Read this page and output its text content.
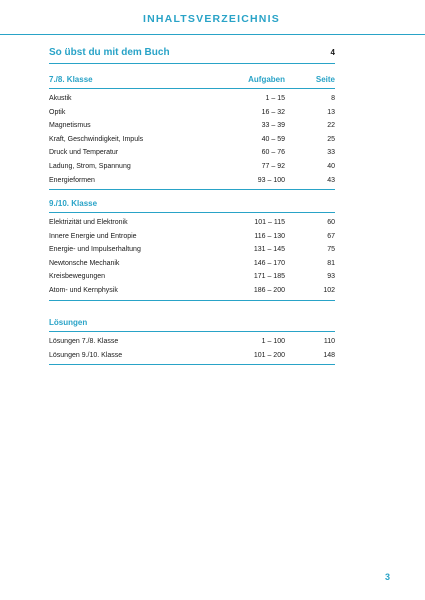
INHALTSVERZEICHNIS
So übst du mit dem Buch	4
7./8. Klasse	Aufgaben	Seite
Akustik	1 – 15	8
Optik	16 – 32	13
Magnetismus	33 – 39	22
Kraft, Geschwindigkeit, Impuls	40 – 59	25
Druck und Temperatur	60 – 76	33
Ladung, Strom, Spannung	77 – 92	40
Energieformen	93 – 100	43
9./10. Klasse
Elektrizität und Elektronik	101 – 115	60
Innere Energie und Entropie	116 – 130	67
Energie- und Impulserhaltung	131 – 145	75
Newtonsche Mechanik	146 – 170	81
Kreisbewegungen	171 – 185	93
Atom- und Kernphysik	186 – 200	102
Lösungen
Lösungen 7./8. Klasse	1 – 100	110
Lösungen 9./10. Klasse	101 – 200	148
3
